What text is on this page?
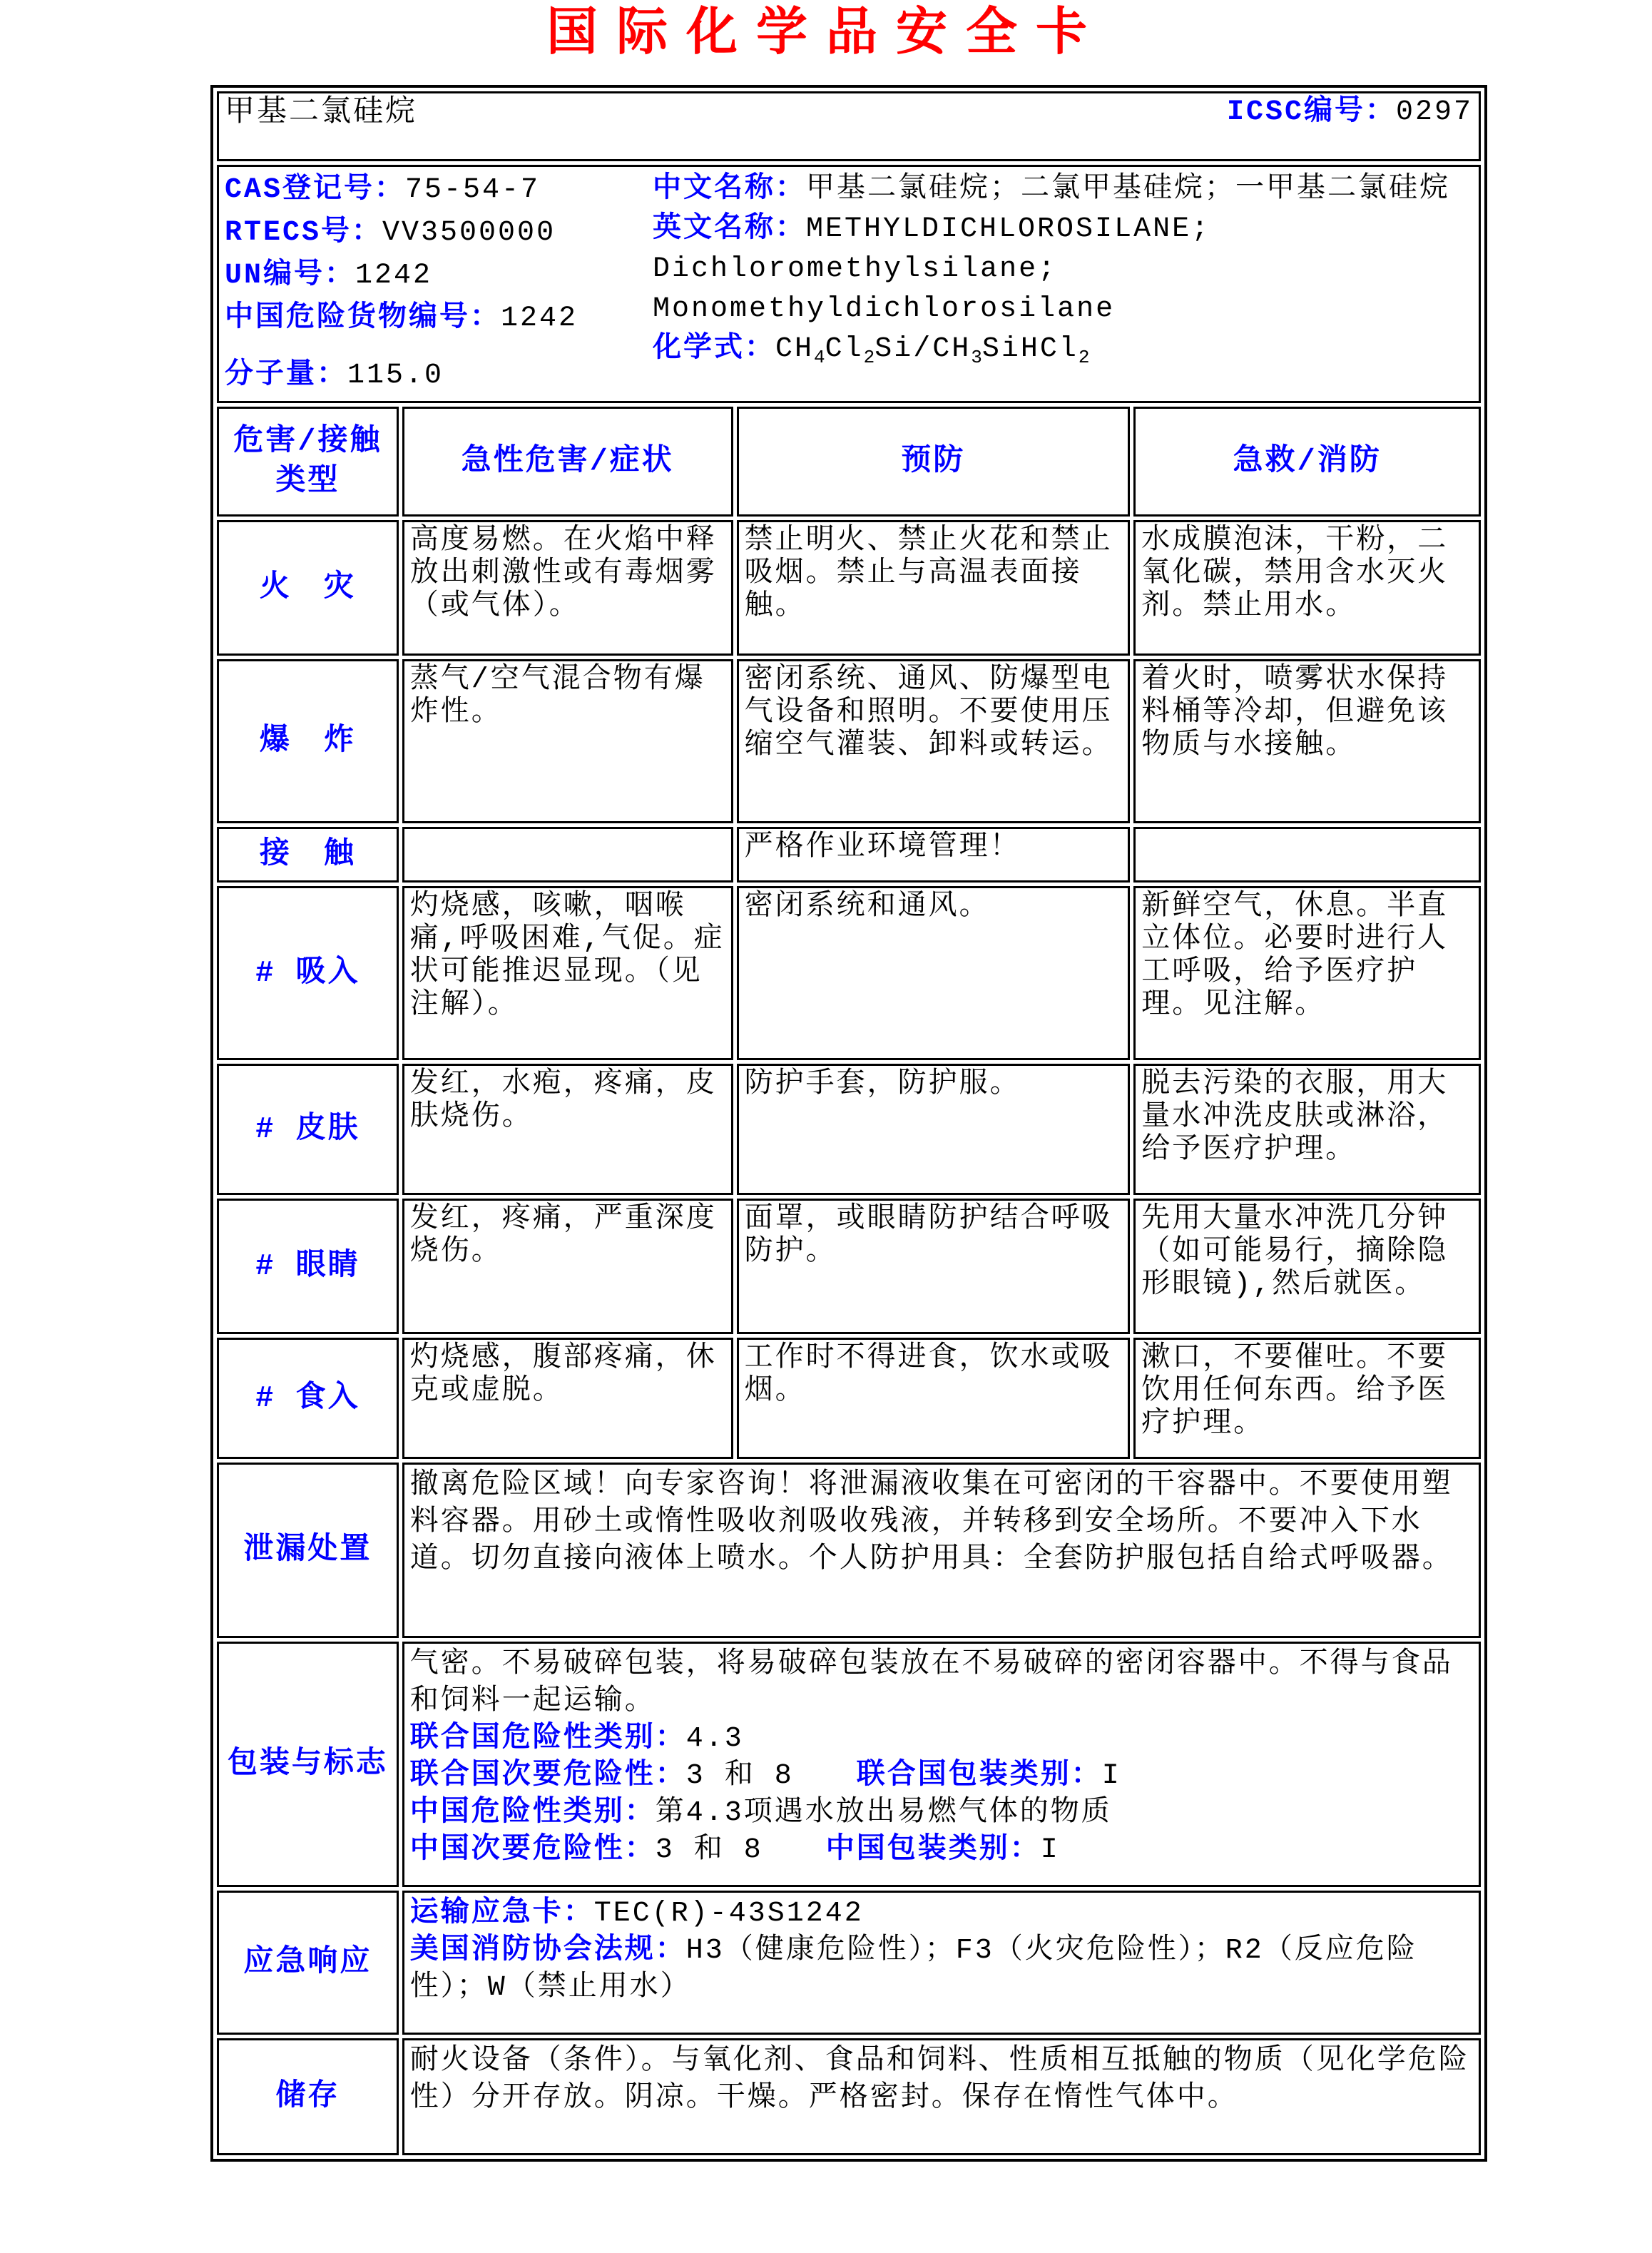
国际化学品安全卡
甲基二氯硅烷 ICSC编号：0297			

CAS登记号：75-54-7
RTECS号：VV3500000
UN编号：1242
中国危险货物编号：1242
分子量：115.0
中文名称：甲基二氯硅烷；二氯甲基硅烷；一甲基二氯硅烷
英文名称：METHYLDICHLOROSILANE;
Dichloromethylsilane;
Monomethyldichlorosilane
化学式：$CH_4Cl_2Si/CH_3SiHCl_2$

危害/接触
类型	急性危害/症状	预防	急救/消防

火　灾	高度易燃。在火焰中释放出刺激性或有毒烟雾（或气体）。	禁止明火、禁止火花和禁止吸烟。禁止与高温表面接触。	水成膜泡沫，干粉，二氧化碳，禁用含水灭火剂。禁止用水。
爆　炸	蒸气/空气混合物有爆炸性。	密闭系统、通风、防爆型电气设备和照明。不要使用压缩空气灌装、卸料或转运。	着火时，喷雾状水保持料桶等冷却，但避免该物质与水接触。
接　触		严格作业环境管理！	
# 吸入	灼烧感，咳嗽，咽喉痛,呼吸困难,气促。症状可能推迟显现。（见注解）。	密闭系统和通风。	新鲜空气，休息。半直立体位。必要时进行人工呼吸，给予医疗护理。见注解。
# 皮肤	发红，水疱，疼痛，皮肤烧伤。	防护手套，防护服。	脱去污染的衣服，用大量水冲洗皮肤或淋浴，给予医疗护理。
# 眼睛	发红，疼痛，严重深度烧伤。	面罩，或眼睛防护结合呼吸防护。	先用大量水冲洗几分钟（如可能易行，摘除隐形眼镜),然后就医。
# 食入	灼烧感，腹部疼痛，休克或虚脱。	工作时不得进食，饮水或吸烟。	漱口，不要催吐。不要饮用任何东西。给予医疗护理。
泄漏处置	撤离危险区域！向专家咨询！将泄漏液收集在可密闭的干容器中。不要使用塑料容器。用砂土或惰性吸收剂吸收残液，并转移到安全场所。不要冲入下水道。切勿直接向液体上喷水。个人防护用具：全套防护服包括自给式呼吸器。		

包装与标志	气密。不易破碎包装，将易破碎包装放在不易破碎的密闭容器中。不得与食品和饲料一起运输。
联合国危险性类别：4.3
联合国次要危险性：3 和 8 联合国包装类别：I
中国危险性类别：第4.3项遇水放出易燃气体的物质
中国次要危险性：3 和 8 中国包装类别：I		

应急响应	运输应急卡：TEC(R)-43S1242
美国消防协会法规：H3（健康危险性）；F3（火灾危险性）；R2（反应危险性）；W（禁止用水）		

储存	耐火设备（条件）。与氧化剂、食品和饲料、性质相互抵触的物质（见化学危险性）分开存放。阴凉。干燥。严格密封。保存在惰性气体中。		
